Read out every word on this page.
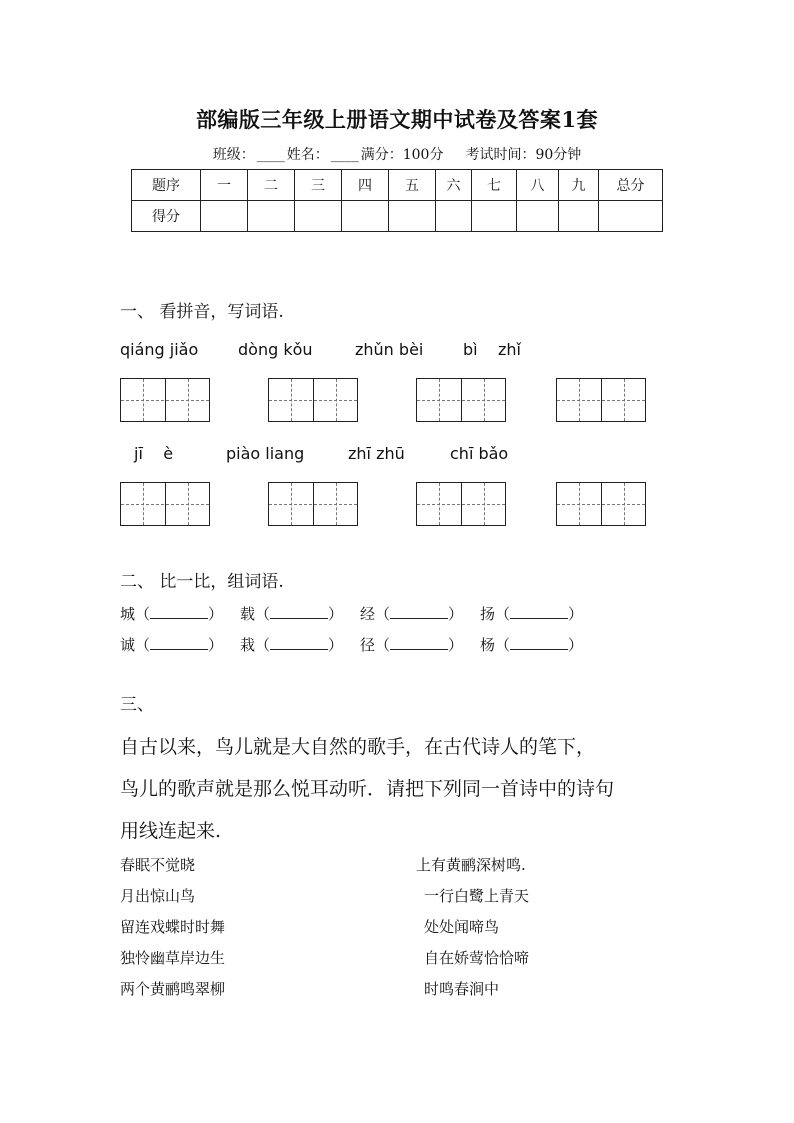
部编版三年级上册语文期中试卷及答案1套
班级： ____ 姓名： ____ 满分：100分 考试时间：90分钟
题序	一	二	三	四	五	六	七	八	九	总分
得分										
一、 看拼音，写词语.
qiáng jiǎo dòng kǒu	zhǔn bèi bì    zhǐ
jī    è	piào liang	zhī zhū	chī bǎo
二、 比一比，组词语.
城（	） 载（	） 经（	） 扬（	）
诚（	） 栽（	） 径（	） 杨（	）
三、
自古以来，鸟儿就是大自然的歌手，在古代诗人的笔下，
鸟儿的歌声就是那么悦耳动听．请把下列同一首诗中的诗句
用线连起来.
春眠不觉晓
月出惊山鸟
留连戏蝶时时舞
独怜幽草岸边生
两个黄鹂鸣翠柳
上有黄鹂深树鸣.
一行白鹭上青天
处处闻啼鸟
自在娇莺恰恰啼
时鸣春涧中
